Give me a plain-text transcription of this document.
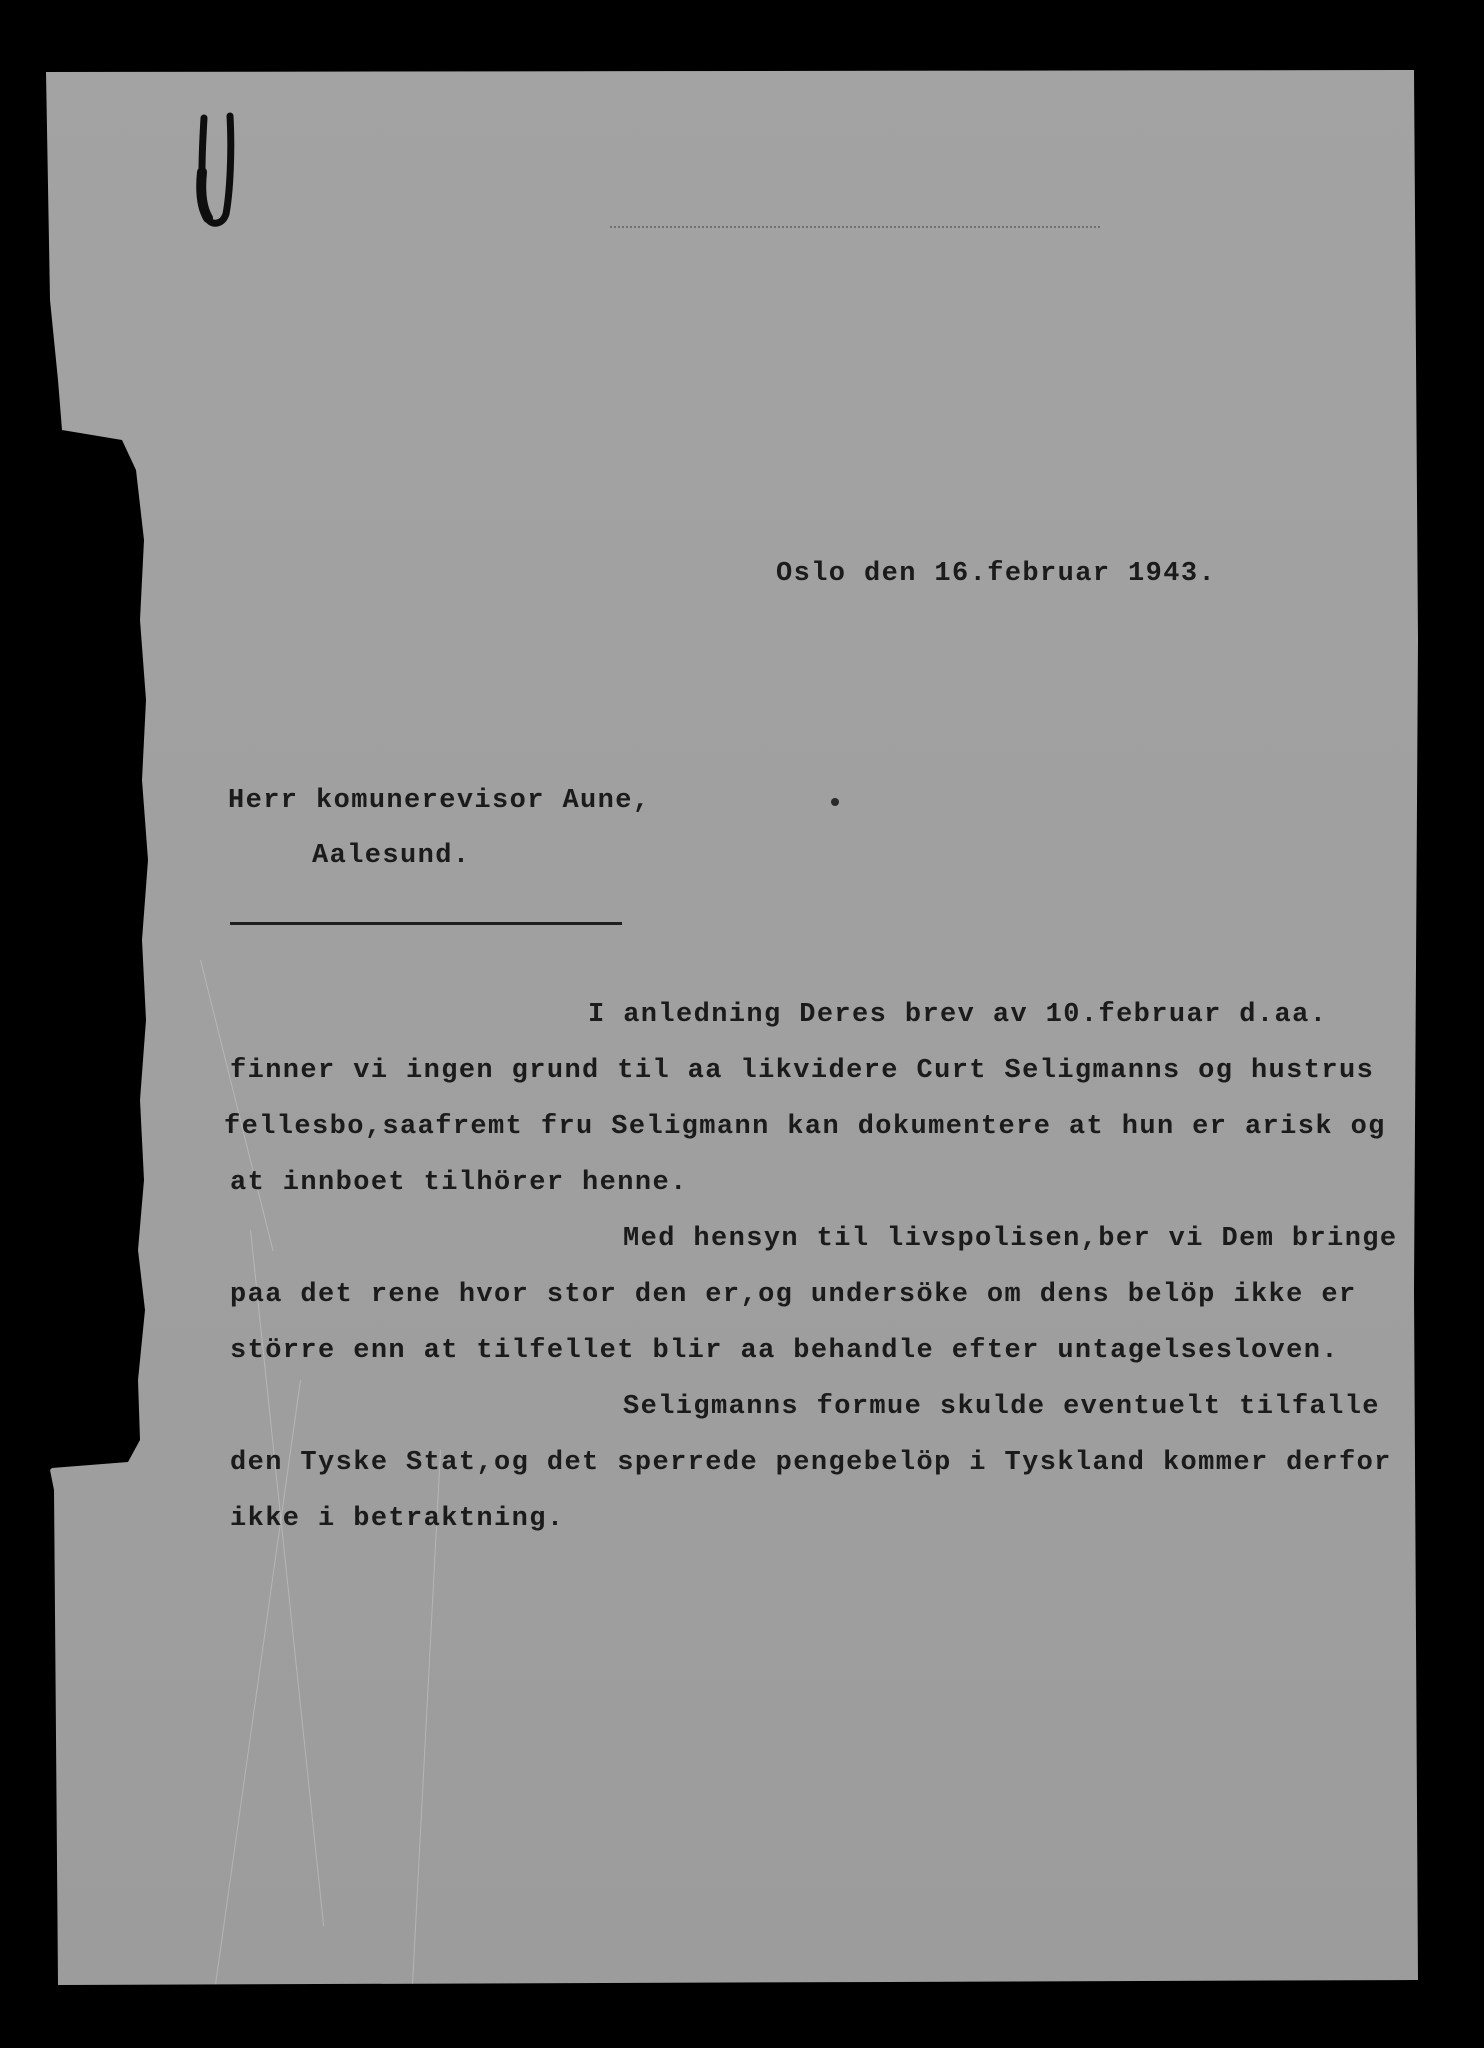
Oslo den 16.februar 1943.
Herr komunerevisor Aune,
Aalesund.
I anledning Deres brev av 10.februar d.aa.
finner vi ingen grund til aa likvidere Curt Seligmanns og hustrus
fellesbo,saafremt fru Seligmann kan dokumentere at hun er arisk og
at innboet tilhörer henne.
Med hensyn til livspolisen,ber vi Dem bringe
paa det rene hvor stor den er,og undersöke om dens belöp ikke er
större enn at tilfellet blir aa behandle efter untagelsesloven.
Seligmanns formue skulde eventuelt tilfalle
den Tyske Stat,og det sperrede pengebelöp i Tyskland kommer derfor
ikke i betraktning.
